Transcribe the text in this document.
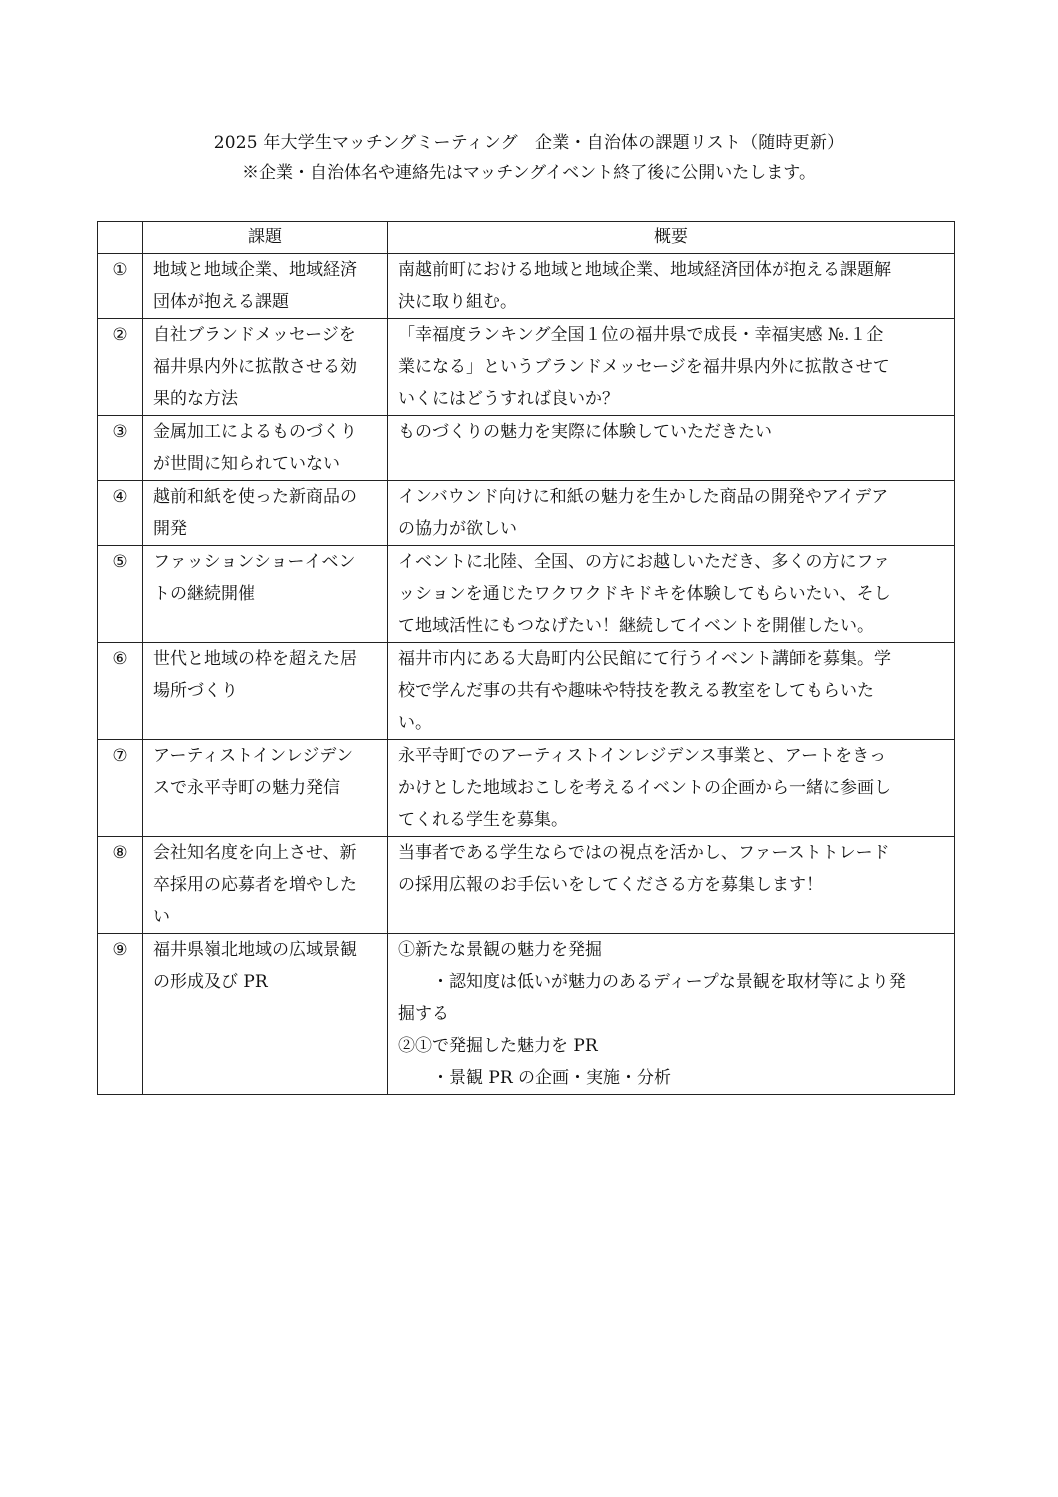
2025 年大学生マッチングミーティング　企業・自治体の課題リスト（随時更新）
※企業・自治体名や連絡先はマッチングイベント終了後に公開いたします。
	課題	概要
①	地域と地域企業、地域経済
団体が抱える課題	南越前町における地域と地域企業、地域経済団体が抱える課題解
決に取り組む。

②	自社ブランドメッセージを
福井県内外に拡散させる効
果的な方法	「幸福度ランキング全国１位の福井県で成長・幸福実感 №.１企
業になる」というブランドメッセージを福井県内外に拡散させて
いくにはどうすれば良いか？

③	金属加工によるものづくり
が世間に知られていない	ものづくりの魅力を実際に体験していただきたい

④	越前和紙を使った新商品の
開発	インバウンド向けに和紙の魅力を生かした商品の開発やアイデア
の協力が欲しい

⑤	ファッションショーイベン
トの継続開催	イベントに北陸、全国、の方にお越しいただき、多くの方にファ
ッションを通じたワクワクドキドキを体験してもらいたい、そし
て地域活性にもつなげたい！継続してイベントを開催したい。

⑥	世代と地域の枠を超えた居
場所づくり	福井市内にある大島町内公民館にて行うイベント講師を募集。学
校で学んだ事の共有や趣味や特技を教える教室をしてもらいた
い。

⑦	アーティストインレジデン
スで永平寺町の魅力発信	永平寺町でのアーティストインレジデンス事業と、アートをきっ
かけとした地域おこしを考えるイベントの企画から一緒に参画し
てくれる学生を募集。

⑧	会社知名度を向上させ、新
卒採用の応募者を増やした
い	当事者である学生ならではの視点を活かし、ファーストトレード
の採用広報のお手伝いをしてくださる方を募集します！

⑨	福井県嶺北地域の広域景観
の形成及び PR	①新たな景観の魅力を発掘
・認知度は低いが魅力のあるディープな景観を取材等により発
掘する
②①で発掘した魅力を PR
・景観 PR の企画・実施・分析
